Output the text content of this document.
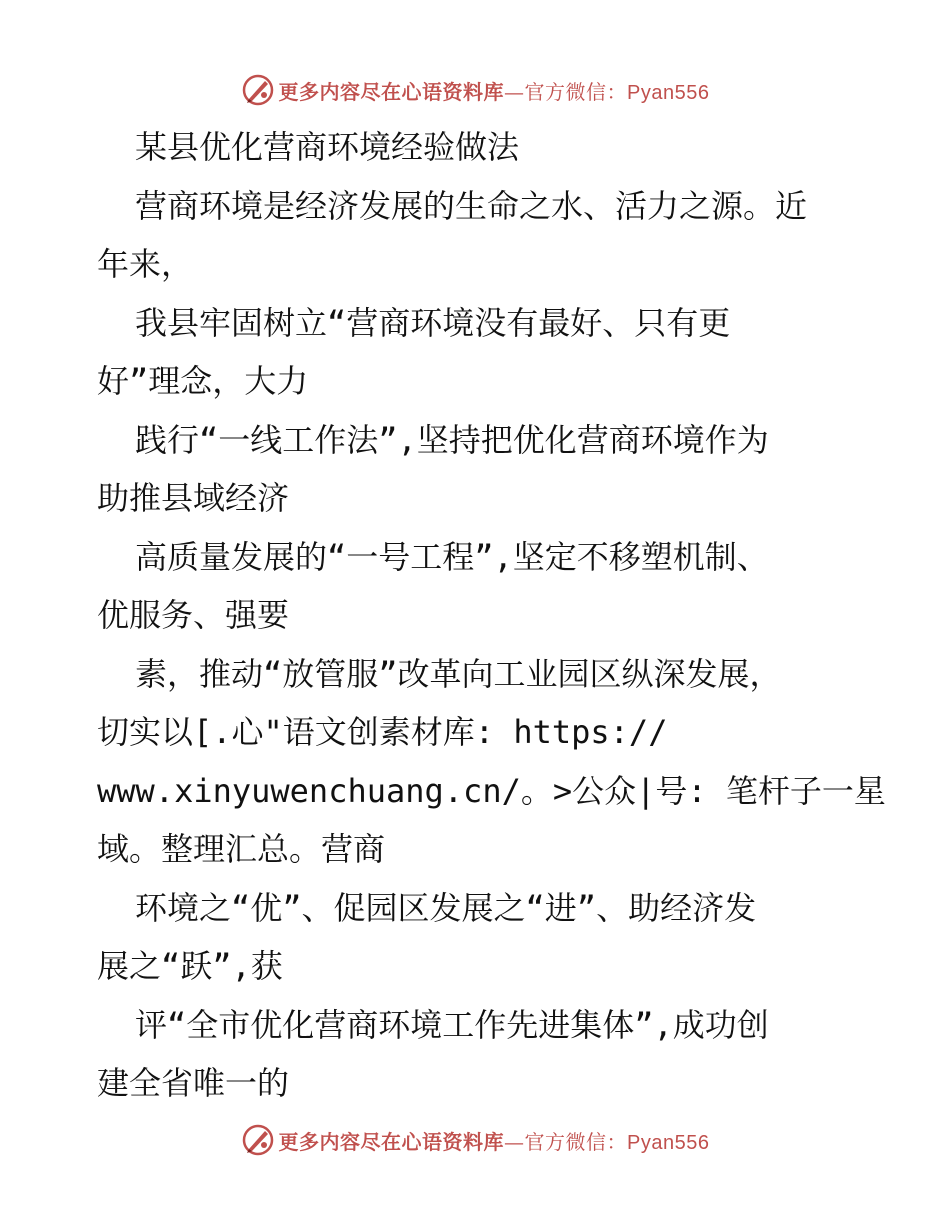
更多内容尽在心语资料库—官方微信：Pyan556
某县优化营商环境经验做法
营商环境是经济发展的生命之水、活力之源。近
年来，
我县牢固树立“营商环境没有最好、只有更
好”理念，大力
践行“一线工作法”,坚持把优化营商环境作为
助推县域经济
高质量发展的“一号工程”,坚定不移塑机制、
优服务、强要
素，推动“放管服”改革向工业园区纵深发展，
切实以[.心"语文创素材库: https://
www.xinyuwenchuang.cn/。>公众|号: 笔杆子一星
域。整理汇总。营商
环境之“优”、促园区发展之“进”、助经济发
展之“跃”,获
评“全市优化营商环境工作先进集体”,成功创
建全省唯一的
更多内容尽在心语资料库—官方微信：Pyan556
